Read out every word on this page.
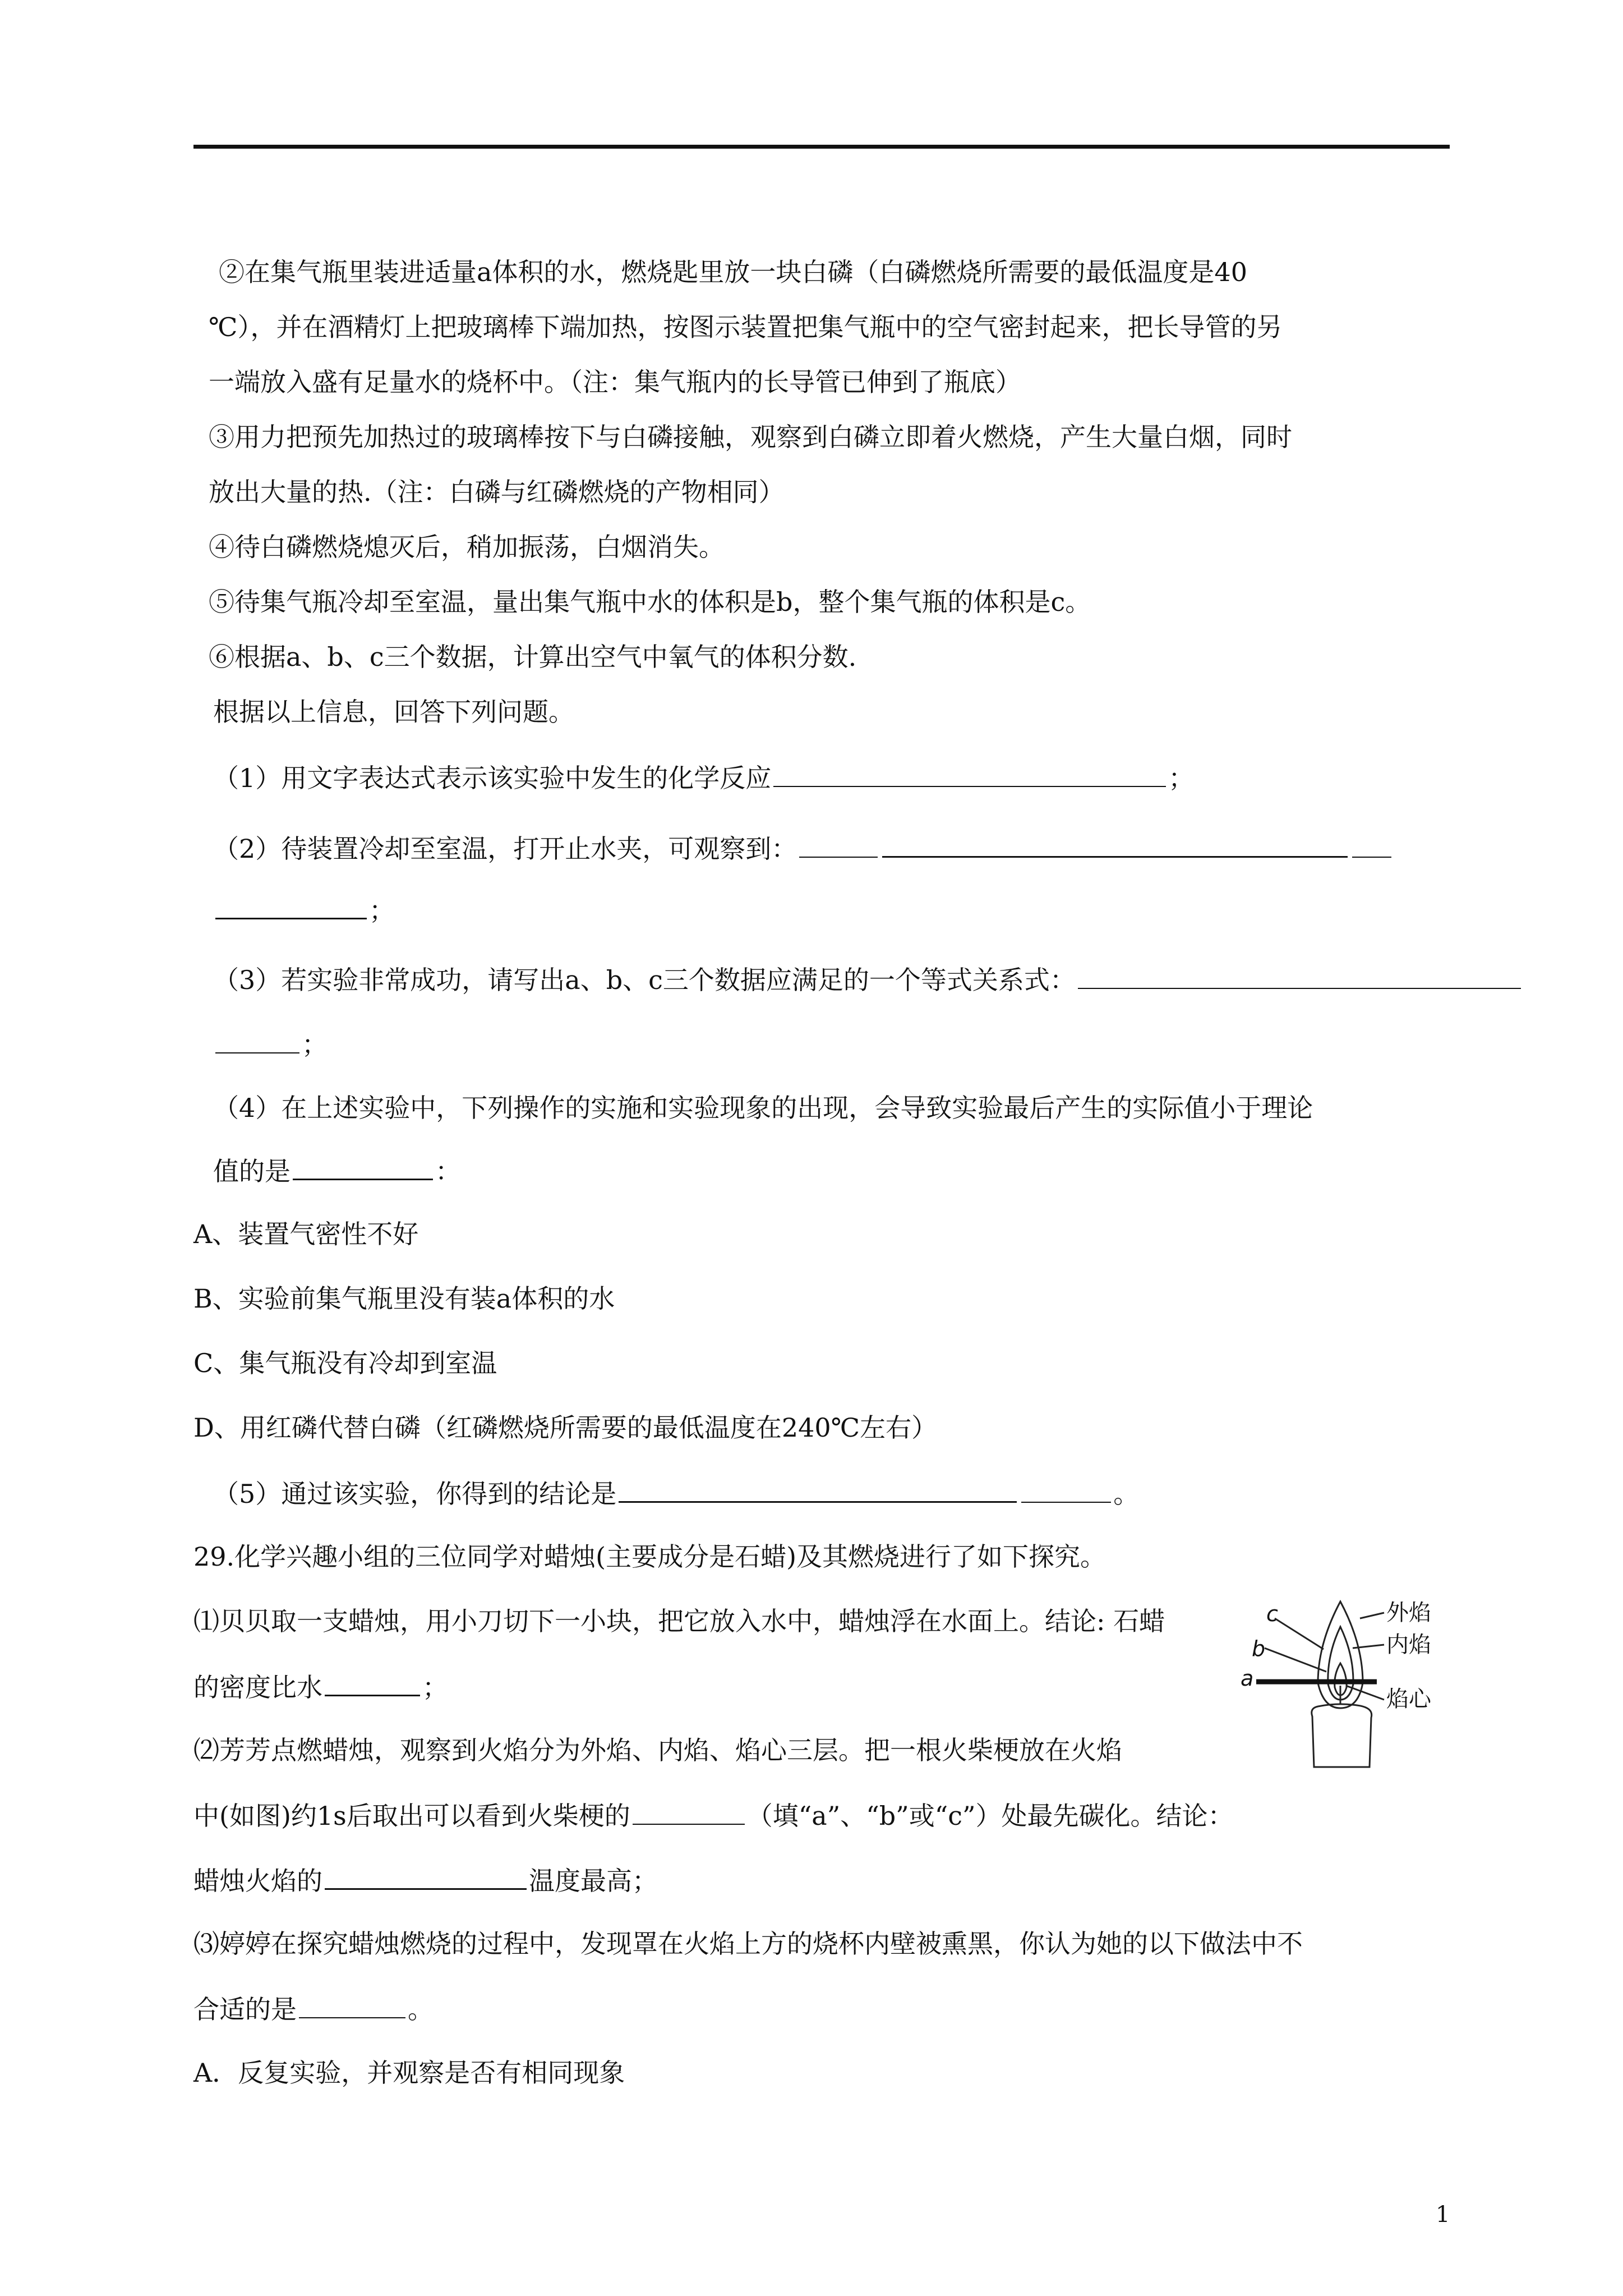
②在集气瓶里装进适量a体积的水，燃烧匙里放一块白磷（白磷燃烧所需要的最低温度是40
℃），并在酒精灯上把玻璃棒下端加热，按图示装置把集气瓶中的空气密封起来，把长导管的另
一端放入盛有足量水的烧杯中。（注：集气瓶内的长导管已伸到了瓶底）
③用力把预先加热过的玻璃棒按下与白磷接触，观察到白磷立即着火燃烧，产生大量白烟，同时
放出大量的热.（注：白磷与红磷燃烧的产物相同）
④待白磷燃烧熄灭后，稍加振荡，白烟消失。
⑤待集气瓶冷却至室温，量出集气瓶中水的体积是b，整个集气瓶的体积是c。
⑥根据a、b、c三个数据，计算出空气中氧气的体积分数.
根据以上信息，回答下列问题。
（1）用文字表达式表示该实验中发生的化学反应	；
（2）待装置冷却至室温，打开止水夹，可观察到：
；
（3）若实验非常成功，请写出a、b、c三个数据应满足的一个等式关系式：
；
（4）在上述实验中，下列操作的实施和实验现象的出现，会导致实验最后产生的实际值小于理论
值的是	：
A、装置气密性不好
B、实验前集气瓶里没有装a体积的水
C、集气瓶没有冷却到室温
D、用红磷代替白磷（红磷燃烧所需要的最低温度在240℃左右）
（5）通过该实验，你得到的结论是	。
29.化学兴趣小组的三位同学对蜡烛(主要成分是石蜡)及其燃烧进行了如下探究。
⑴贝贝取一支蜡烛，用小刀切下一小块，把它放入水中，蜡烛浮在水面上。结论: 石蜡
的密度比水	；
⑵芳芳点燃蜡烛，观察到火焰分为外焰、内焰、焰心三层。把一根火柴梗放在火焰
中(如图)约1s后取出可以看到火柴梗的	（填“a”、“b”或“c”）处最先碳化。结论：
蜡烛火焰的	温度最高；
⑶婷婷在探究蜡烛燃烧的过程中，发现罩在火焰上方的烧杯内壁被熏黑，你认为她的以下做法中不
合适的是	。
A．反复实验，并观察是否有相同现象
外焰
内焰
焰心
c
b
a
1
